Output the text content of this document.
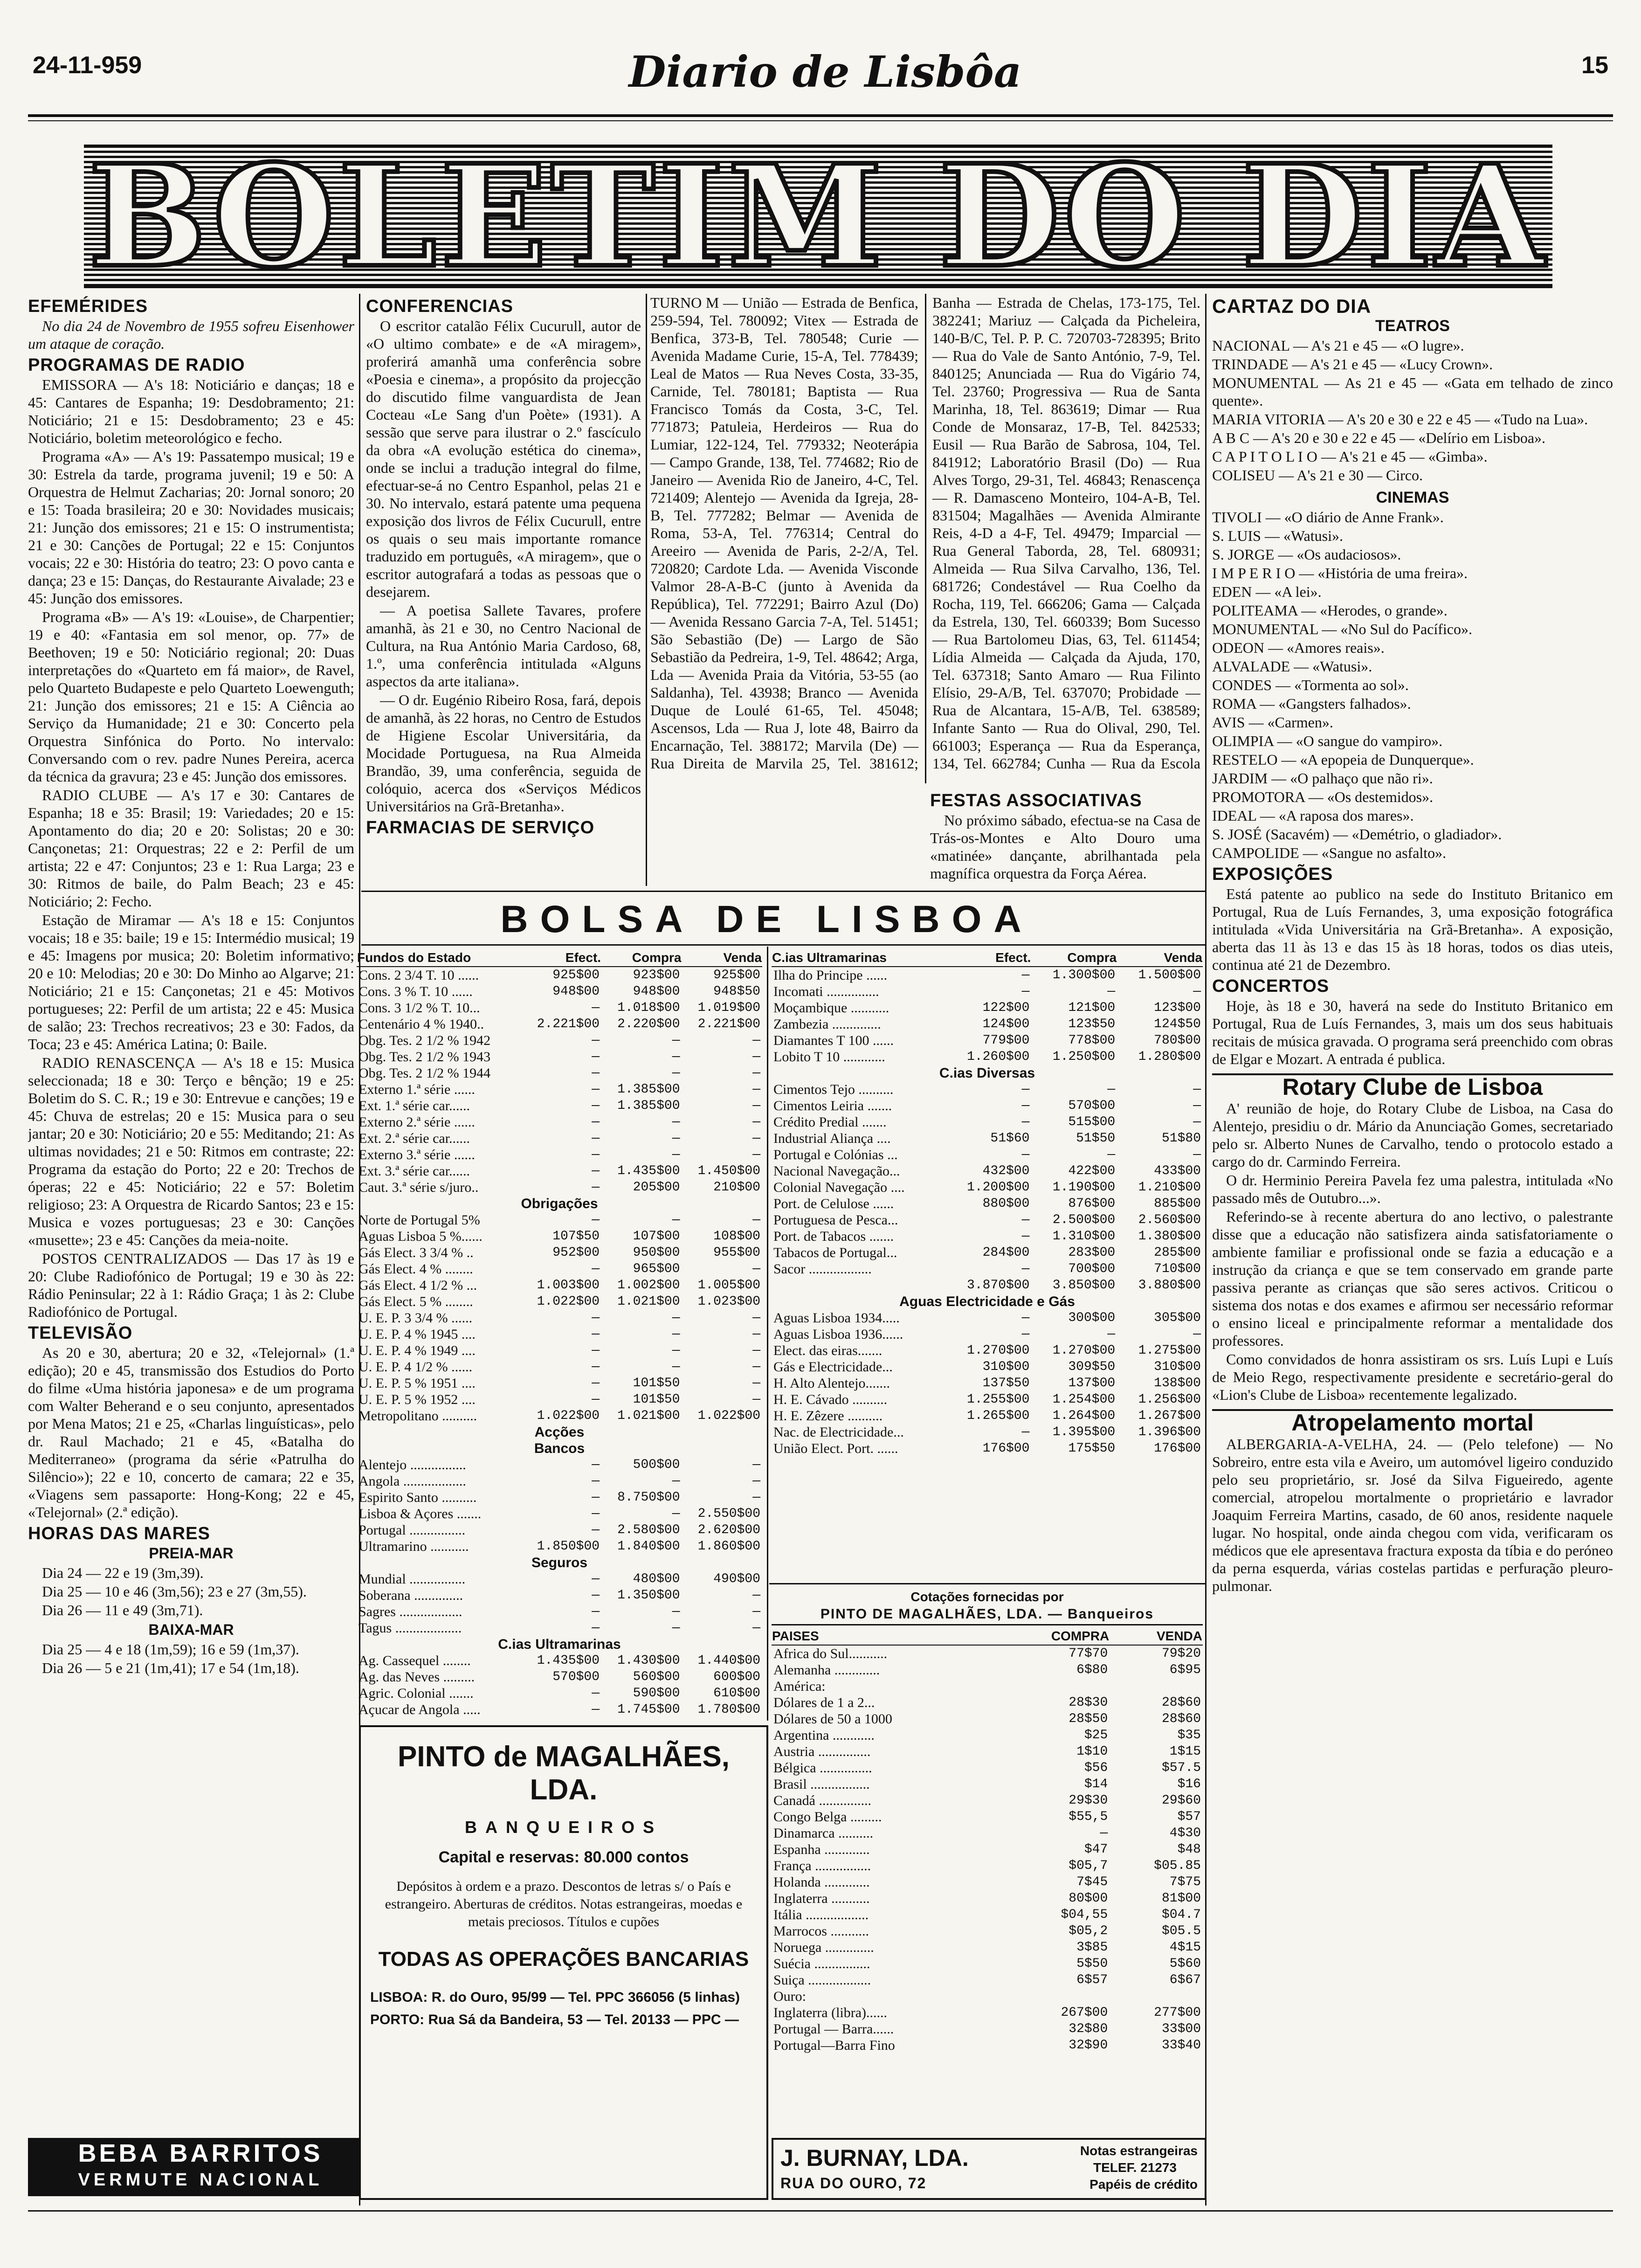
24-11-959	Diario de Lisbôa	15
BOLETIM DO DIA
EFEMÉRIDES

No dia 24 de Novembro de 1955 sofreu Eisenhower um ataque de coração.

PROGRAMAS DE RADIO

EMISSORA — A's 18: Noticiário e danças; 18 e 45: Cantares de Espanha; 19: Desdobramento; 21: Noticiário; 21 e 15: Desdobramento; 23 e 45: Noticiário, boletim meteorológico e fecho.

Programa «A» — A's 19: Passatempo musical; 19 e 30: Estrela da tarde, programa juvenil; 19 e 50: A Orquestra de Helmut Zacharias; 20: Jornal sonoro; 20 e 15: Toada brasileira; 20 e 30: Novidades musicais; 21: Junção dos emissores; 21 e 15: O instrumentista; 21 e 30: Canções de Portugal; 22 e 15: Conjuntos vocais; 22 e 30: História do teatro; 23: O povo canta e dança; 23 e 15: Danças, do Restaurante Aivalade; 23 e 45: Junção dos emissores.

Programa «B» — A's 19: «Louise», de Charpentier; 19 e 40: «Fantasia em sol menor, op. 77» de Beethoven; 19 e 50: Noticiário regional; 20: Duas interpretações do «Quarteto em fá maior», de Ravel, pelo Quarteto Budapeste e pelo Quarteto Loewenguth; 21: Junção dos emissores; 21 e 15: A Ciência ao Serviço da Humanidade; 21 e 30: Concerto pela Orquestra Sinfónica do Porto. No intervalo: Conversando com o rev. padre Nunes Pereira, acerca da técnica da gravura; 23 e 45: Junção dos emissores.

RADIO CLUBE — A's 17 e 30: Cantares de Espanha; 18 e 35: Brasil; 19: Variedades; 20 e 15: Apontamento do dia; 20 e 20: Solistas; 20 e 30: Cançonetas; 21: Orquestras; 22 e 2: Perfil de um artista; 22 e 47: Conjuntos; 23 e 1: Rua Larga; 23 e 30: Ritmos de baile, do Palm Beach; 23 e 45: Noticiário; 2: Fecho.

Estação de Miramar — A's 18 e 15: Conjuntos vocais; 18 e 35: baile; 19 e 15: Intermédio musical; 19 e 45: Imagens por musica; 20: Boletim informativo; 20 e 10: Melodias; 20 e 30: Do Minho ao Algarve; 21: Noticiário; 21 e 15: Cançonetas; 21 e 45: Motivos portugueses; 22: Perfil de um artista; 22 e 45: Musica de salão; 23: Trechos recreativos; 23 e 30: Fados, da Toca; 23 e 45: América Latina; 0: Baile.

RADIO RENASCENÇA — A's 18 e 15: Musica seleccionada; 18 e 30: Terço e bênção; 19 e 25: Boletim do S. C. R.; 19 e 30: Entrevue e canções; 19 e 45: Chuva de estrelas; 20 e 15: Musica para o seu jantar; 20 e 30: Noticiário; 20 e 55: Meditando; 21: As ultimas novidades; 21 e 50: Ritmos em contraste; 22: Programa da estação do Porto; 22 e 20: Trechos de óperas; 22 e 45: Noticiário; 22 e 57: Boletim religioso; 23: A Orquestra de Ricardo Santos; 23 e 15: Musica e vozes portuguesas; 23 e 30: Canções «musette»; 23 e 45: Canções da meia-noite.

POSTOS CENTRALIZADOS — Das 17 às 19 e 20: Clube Radiofónico de Portugal; 19 e 30 às 22: Rádio Peninsular; 22 à 1: Rádio Graça; 1 às 2: Clube Radiofónico de Portugal.

TELEVISÃO

As 20 e 30, abertura; 20 e 32, «Telejornal» (1.ª edição); 20 e 45, transmissão dos Estudios do Porto do filme «Uma história japonesa» e de um programa com Walter Beherand e o seu conjunto, apresentados por Mena Matos; 21 e 25, «Charlas linguísticas», pelo dr. Raul Machado; 21 e 45, «Batalha do Mediterraneo» (programa da série «Patrulha do Silêncio»); 22 e 10, concerto de camara; 22 e 35, «Viagens sem passaporte: Hong-Kong; 22 e 45, «Telejornal» (2.ª edição).

HORAS DAS MARES
PREIA-MAR

Dia 24 — 22 e 19 (3m,39).

Dia 25 — 10 e 46 (3m,56); 23 e 27 (3m,55).

Dia 26 — 11 e 49 (3m,71).

BAIXA-MAR

Dia 25 — 4 e 18 (1m,59); 16 e 59 (1m,37).

Dia 26 — 5 e 21 (1m,41); 17 e 54 (1m,18).

BEBA BARRITOS
VERMUTE NACIONAL
CONFERENCIAS

O escritor catalão Félix Cucurull, autor de «O ultimo combate» e de «A miragem», proferirá amanhã uma conferência sobre «Poesia e cinema», a propósito da projecção do discutido filme vanguardista de Jean Cocteau «Le Sang d'un Poète» (1931). A sessão que serve para ilustrar o 2.º fascículo da obra «A evolução estética do cinema», onde se inclui a tradução integral do filme, efectuar-se-á no Centro Espanhol, pelas 21 e 30. No intervalo, estará patente uma pequena exposição dos livros de Félix Cucurull, entre os quais o seu mais importante romance traduzido em português, «A miragem», que o escritor autografará a todas as pessoas que o desejarem.

— A poetisa Sallete Tavares, profere amanhã, às 21 e 30, no Centro Nacional de Cultura, na Rua António Maria Cardoso, 68, 1.º, uma conferência intitulada «Alguns aspectos da arte italiana».

— O dr. Eugénio Ribeiro Rosa, fará, depois de amanhã, às 22 horas, no Centro de Estudos de Higiene Escolar Universitária, da Mocidade Portuguesa, na Rua Almeida Brandão, 39, uma conferência, seguida de colóquio, acerca dos «Serviços Médicos Universitários na Grã-Bretanha».

FARMACIAS DE SERVIÇO

TURNO M — União — Estrada de Benfica, 259-594, Tel. 780092; Vitex — Estrada de Benfica, 373-B, Tel. 780548; Curie — Avenida Madame Curie, 15-A, Tel. 778439; Leal de Matos — Rua Neves Costa, 33-35, Carnide, Tel. 780181; Baptista — Rua Francisco Tomás da Costa, 3-C, Tel. 771873; Patuleia, Herdeiros — Rua do Lumiar, 122-124, Tel. 779332; Neoterápia — Campo Grande, 138, Tel. 774682; Rio de Janeiro — Avenida Rio de Janeiro, 4-C, Tel. 721409; Alentejo — Avenida da Igreja, 28-B, Tel. 777282; Belmar — Avenida de Roma, 53-A, Tel. 776314; Central do Areeiro — Avenida de Paris, 2-2/A, Tel. 720820; Cardote Lda. — Avenida Visconde Valmor 28-A-B-C (junto à Avenida da República), Tel. 772291; Bairro Azul (Do) — Avenida Ressano Garcia 7-A, Tel. 51451; São Sebastião (De) — Largo de São Sebastião da Pedreira, 1-9, Tel. 48642; Arga, Lda — Avenida Praia da Vitória, 53-55 (ao Saldanha), Tel. 43938; Branco — Avenida Duque de Loulé 61-65, Tel. 45048; Ascensos, Lda — Rua J, lote 48, Bairro da Encarnação, Tel. 388172; Marvila (De) — Rua Direita de Marvila 25, Tel. 381612; Banha — Estrada de Chelas, 173-175, Tel. 382241; Mariuz — Calçada da Picheleira, 140-B/C, Tel. P. P. C. 720703-728395; Brito — Rua do Vale de Santo António, 7-9, Tel. 840125; Anunciada — Rua do Vigário 74, Tel. 23760; Progressiva — Rua de Santa Marinha, 18, Tel. 863619; Dimar — Rua Conde de Monsaraz, 17-B, Tel. 842533; Eusil — Rua Barão de Sabrosa, 104, Tel. 841912; Laboratório Brasil (Do) — Rua Alves Torgo, 29-31, Tel. 46843; Renascença — R. Damasceno Monteiro, 104-A-B, Tel. 831504; Magalhães — Avenida Almirante Reis, 4-D a 4-F, Tel. 49479; Imparcial — Rua General Taborda, 28, Tel. 680931; Almeida — Rua Silva Carvalho, 136, Tel. 681726; Condestável — Rua Coelho da Rocha, 119, Tel. 666206; Gama — Calçada da Estrela, 130, Tel. 660339; Bom Sucesso — Rua Bartolomeu Dias, 63, Tel. 611454; Lídia Almeida — Calçada da Ajuda, 170, Tel. 637318; Santo Amaro — Rua Filinto Elísio, 29-A/B, Tel. 637070; Probidade — Rua de Alcantara, 15-A/B, Tel. 638589; Infante Santo — Rua do Olival, 290, Tel. 661003; Esperança — Rua da Esperança, 134, Tel. 662784; Cunha — Rua da Escola

FESTAS ASSOCIATIVAS

No próximo sábado, efectua-se na Casa de Trás-os-Montes e Alto Douro uma «matinée» dançante, abrilhantada pela magnífica orquestra da Força Aérea.

BOLSA DE LISBOA
Fundos do Estado	Efect.	Compra	Venda
Cons. 2 3/4 T. 10 ......	925$00	923$00	925$00
Cons. 3 % T. 10 ......	948$00	948$00	948$50
Cons. 3 1/2 % T. 10...	—	1.018$00	1.019$00
Centenário 4 % 1940..	2.221$00	2.220$00	2.221$00
Obg. Tes. 2 1/2 % 1942	—	—	—
Obg. Tes. 2 1/2 % 1943	—	—	—
Obg. Tes. 2 1/2 % 1944	—	—	—
Externo 1.ª série ......	—	1.385$00	—
Ext. 1.ª série car......	—	1.385$00	—
Externo 2.ª série ......	—	—	—
Ext. 2.ª série car......	—	—	—
Externo 3.ª série ......	—	—	—
Ext. 3.ª série car......	—	1.435$00	1.450$00
Caut. 3.ª série s/juro..	—	205$00	210$00
Obrigações			
Norte de Portugal 5%	—	—	—
Aguas Lisboa 5 %......	107$50	107$00	108$00
Gás Elect. 3 3/4 % ..	952$00	950$00	955$00
Gás Elect. 4 % ........	—	965$00	—
Gás Elect. 4 1/2 % ...	1.003$00	1.002$00	1.005$00
Gás Elect. 5 % ........	1.022$00	1.021$00	1.023$00
U. E. P. 3 3/4 % ......	—	—	—
U. E. P. 4 % 1945 ....	—	—	—
U. E. P. 4 % 1949 ....	—	—	—
U. E. P. 4 1/2 % ......	—	—	—
U. E. P. 5 % 1951 ....	—	101$50	—
U. E. P. 5 % 1952 ....	—	101$50	—
Metropolitano ..........	1.022$00	1.021$00	1.022$00
Acções			
Bancos			
Alentejo ................	—	500$00	—
Angola ..................	—	—	—
Espirito Santo ..........	—	8.750$00	—
Lisboa & Açores .......	—	—	2.550$00
Portugal ................	—	2.580$00	2.620$00
Ultramarino ...........	1.850$00	1.840$00	1.860$00
Seguros			
Mundial ................	—	480$00	490$00
Soberana ..............	—	1.350$00	—
Sagres ..................	—	—	—
Tagus ...................	—	—	—
C.ias Ultramarinas			
Ag. Cassequel ........	1.435$00	1.430$00	1.440$00
Ag. das Neves .........	570$00	560$00	600$00
Agric. Colonial .......	—	590$00	610$00
Açucar de Angola .....	—	1.745$00	1.780$00

C.ias Ultramarinas	Efect.	Compra	Venda
Ilha do Principe ......	—	1.300$00	1.500$00
Incomati ...............	—	—	—
Moçambique ...........	122$00	121$00	123$00
Zambezia ..............	124$00	123$50	124$50
Diamantes T 100 ......	779$00	778$00	780$00
Lobito T 10 ............	1.260$00	1.250$00	1.280$00
C.ias Diversas			
Cimentos Tejo ..........	—	—	—
Cimentos Leiria .......	—	570$00	—
Crédito Predial .......	—	515$00	—
Industrial Aliança ....	51$60	51$50	51$80
Portugal e Colónias ...	—	—	—
Nacional Navegação...	432$00	422$00	433$00
Colonial Navegação ....	1.200$00	1.190$00	1.210$00
Port. de Celulose ......	880$00	876$00	885$00
Portuguesa de Pesca...	—	2.500$00	2.560$00
Port. de Tabacos .......	—	1.310$00	1.380$00
Tabacos de Portugal...	284$00	283$00	285$00
Sacor ..................	—	700$00	710$00
	3.870$00	3.850$00	3.880$00
Aguas Electricidade e Gás			
Aguas Lisboa 1934.....	—	300$00	305$00
Aguas Lisboa 1936......	—	—	—
Elect. das eiras.......	1.270$00	1.270$00	1.275$00
Gás e Electricidade...	310$00	309$50	310$00
H. Alto Alentejo.......	137$50	137$00	138$00
H. E. Cávado ..........	1.255$00	1.254$00	1.256$00
H. E. Zêzere ..........	1.265$00	1.264$00	1.267$00
Nac. de Electricidade...	—	1.395$00	1.396$00
União Elect. Port. ......	176$00	175$50	176$00
Cotações fornecidas por
PINTO DE MAGALHÃES, LDA. — Banqueiros
PAISES	COMPRA	VENDA
Africa do Sul...........	77$70	79$20
Alemanha .............	6$80	6$95
América:		
Dólares de 1 a 2...	28$30	28$60
Dólares de 50 a 1000	28$50	28$60
Argentina ............	$25	$35
Austria ...............	1$10	1$15
Bélgica ...............	$56	$57.5
Brasil .................	$14	$16
Canadá ...............	29$30	29$60
Congo Belga .........	$55,5	$57
Dinamarca ..........	—	4$30
Espanha .............	$47	$48
França ................	$05,7	$05.85
Holanda .............	7$45	7$75
Inglaterra ...........	80$00	81$00
Itália ..................	$04,55	$04.7
Marrocos ...........	$05,2	$05.5
Noruega ..............	3$85	4$15
Suécia ................	5$50	5$60
Suiça ..................	6$57	6$67
Ouro:		
Inglaterra (libra)......	267$00	277$00
Portugal — Barra......	32$80	33$00
Portugal—Barra Fino	32$90	33$40
PINTO de MAGALHÃES, LDA.
BANQUEIROS
Capital e reservas: 80.000 contos
Depósitos à ordem e a prazo. Descontos de letras s/ o País e estrangeiro. Aberturas de créditos. Notas estrangeiras, moedas e metais preciosos. Títulos e cupões
TODAS AS OPERAÇÕES BANCARIAS
LISBOA: R. do Ouro, 95/99 — Tel. PPC 366056 (5 linhas)
PORTO: Rua Sá da Bandeira, 53 — Tel. 20133 — PPC —
J. BURNAY, LDA.
RUA DO OURO, 72
Notas estrangeiras
TELEF. 21273
Papéis de crédito
CARTAZ DO DIA
TEATROS

NACIONAL — A's 21 e 45 — «O lugre».

TRINDADE — A's 21 e 45 — «Lucy Crown».

MONUMENTAL — As 21 e 45 — «Gata em telhado de zinco quente».

MARIA VITORIA — A's 20 e 30 e 22 e 45 — «Tudo na Lua».

A B C — A's 20 e 30 e 22 e 45 — «Delírio em Lisboa».

C A P I T O L I O — A's 21 e 45 — «Gimba».

COLISEU — A's 21 e 30 — Circo.

CINEMAS

TIVOLI — «O diário de Anne Frank».

S. LUIS — «Watusi».

S. JORGE — «Os audaciosos».

I M P E R I O — «História de uma freira».

EDEN — «A lei».

POLITEAMA — «Herodes, o grande».

MONUMENTAL — «No Sul do Pacífico».

ODEON — «Amores reais».

ALVALADE — «Watusi».

CONDES — «Tormenta ao sol».

ROMA — «Gangsters falhados».

AVIS — «Carmen».

OLIMPIA — «O sangue do vampiro».

RESTELO — «A epopeia de Dunquerque».

JARDIM — «O palhaço que não ri».

PROMOTORA — «Os destemidos».

IDEAL — «A raposa dos mares».

S. JOSÉ (Sacavém) — «Demétrio, o gladiador».

CAMPOLIDE — «Sangue no asfalto».

EXPOSIÇÕES

Está patente ao publico na sede do Instituto Britanico em Portugal, Rua de Luís Fernandes, 3, uma exposição fotográfica intitulada «Vida Universitária na Grã-Bretanha». A exposição, aberta das 11 às 13 e das 15 às 18 horas, todos os dias uteis, continua até 21 de Dezembro.

CONCERTOS

Hoje, às 18 e 30, haverá na sede do Instituto Britanico em Portugal, Rua de Luís Fernandes, 3, mais um dos seus habituais recitais de música gravada. O programa será preenchido com obras de Elgar e Mozart. A entrada é publica.

Rotary Clube de Lisboa

A' reunião de hoje, do Rotary Clube de Lisboa, na Casa do Alentejo, presidiu o dr. Mário da Anunciação Gomes, secretariado pelo sr. Alberto Nunes de Carvalho, tendo o protocolo estado a cargo do dr. Carmindo Ferreira.

O dr. Herminio Pereira Pavela fez uma palestra, intitulada «No passado mês de Outubro...».

Referindo-se à recente abertura do ano lectivo, o palestrante disse que a educação não satisfizera ainda satisfatoriamente o ambiente familiar e profissional onde se fazia a educação e a instrução da criança e que se tem conservado em grande parte passiva perante as crianças que são seres activos. Criticou o sistema dos notas e dos exames e afirmou ser necessário reformar o ensino liceal e principalmente reformar a mentalidade dos professores.

Como convidados de honra assistiram os srs. Luís Lupi e Luís de Meio Rego, respectivamente presidente e secretário-geral do «Lion's Clube de Lisboa» recentemente legalizado.

Atropelamento mortal

ALBERGARIA-A-VELHA, 24. — (Pelo telefone) — No Sobreiro, entre esta vila e Aveiro, um automóvel ligeiro conduzido pelo seu proprietário, sr. José da Silva Figueiredo, agente comercial, atropelou mortalmente o proprietário e lavrador Joaquim Ferreira Martins, casado, de 60 anos, residente naquele lugar. No hospital, onde ainda chegou com vida, verificaram os médicos que ele apresentava fractura exposta da tíbia e do peróneo da perna esquerda, várias costelas partidas e perfuração pleuro-pulmonar.
